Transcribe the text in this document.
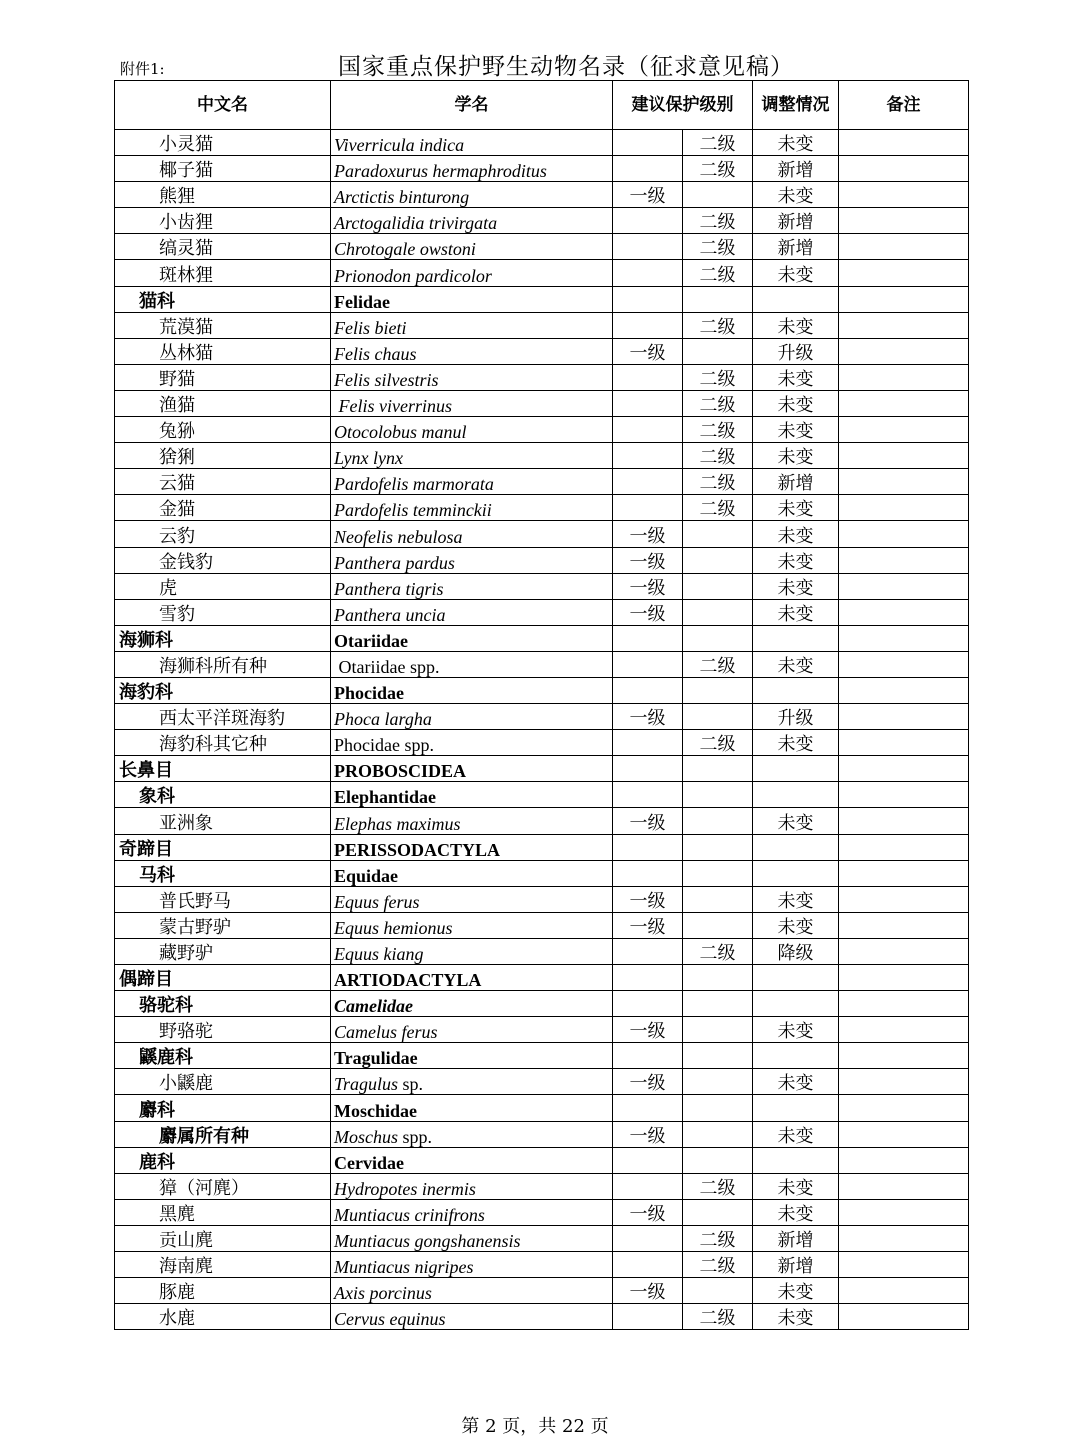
附件1:	国家重点保护野生动物名录（征求意见稿）
中文名	学名	建议保护级别		调整情况	备注
小灵猫	Viverricula indica		二级	未变	
椰子猫	Paradoxurus hermaphroditus		二级	新增	
熊狸	Arctictis binturong	一级		未变	
小齿狸	Arctogalidia trivirgata		二级	新增	
缟灵猫	Chrotogale owstoni		二级	新增	
斑林狸	Prionodon pardicolor		二级	未变	
猫科	Felidae				
荒漠猫	Felis bieti		二级	未变	
丛林猫	Felis chaus	一级		升级	
野猫	Felis silvestris		二级	未变	
渔猫	Felis viverrinus		二级	未变	
兔狲	Otocolobus manul		二级	未变	
猞猁	Lynx lynx		二级	未变	
云猫	Pardofelis marmorata		二级	新增	
金猫	Pardofelis temminckii		二级	未变	
云豹	Neofelis nebulosa	一级		未变	
金钱豹	Panthera pardus	一级		未变	
虎	Panthera tigris	一级		未变	
雪豹	Panthera uncia	一级		未变	
海狮科	Otariidae				
海狮科所有种	Otariidae spp.		二级	未变	
海豹科	Phocidae				
西太平洋斑海豹	Phoca largha	一级		升级	
海豹科其它种	Phocidae spp.		二级	未变	
长鼻目	PROBOSCIDEA				
象科	Elephantidae				
亚洲象	Elephas maximus	一级		未变	
奇蹄目	PERISSODACTYLA				
马科	Equidae				
普氏野马	Equus ferus	一级		未变	
蒙古野驴	Equus hemionus	一级		未变	
藏野驴	Equus kiang		二级	降级	
偶蹄目	ARTIODACTYLA				
骆驼科	Camelidae				
野骆驼	Camelus ferus	一级		未变	
鼷鹿科	Tragulidae				
小鼷鹿	Tragulus sp.	一级		未变	
麝科	Moschidae				
麝属所有种	Moschus spp.	一级		未变	
鹿科	Cervidae				
獐（河麂）	Hydropotes inermis		二级	未变	
黑麂	Muntiacus crinifrons	一级		未变	
贡山麂	Muntiacus gongshanensis		二级	新增	
海南麂	Muntiacus nigripes		二级	新增	
豚鹿	Axis porcinus	一级		未变	
水鹿	Cervus equinus		二级	未变	
第 2 页，共 22 页
